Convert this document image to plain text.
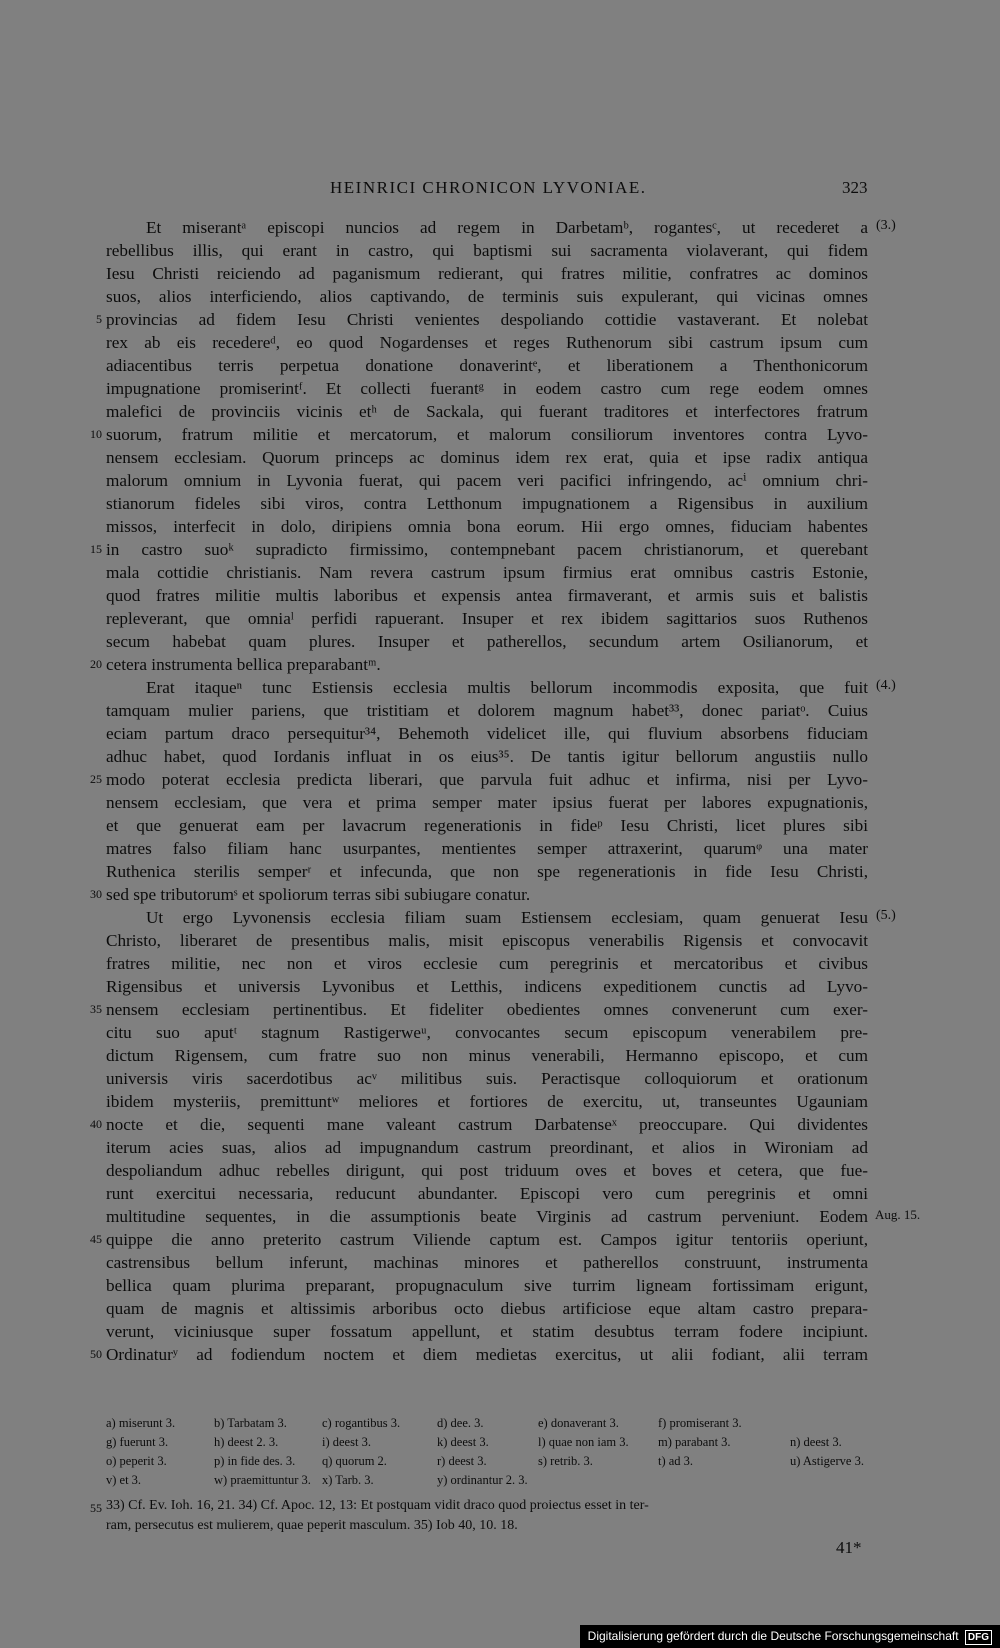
HEINRICI CHRONICON LYVONIAE.	323
Et miserantᵃ episcopi nuncios ad regem in Darbetamᵇ, rogantesᶜ, ut recederet a (3.)
rebellibus illis, qui erant in castro, qui baptismi sui sacramenta violaverant, qui fidem
Iesu Christi reiciendo ad paganismum redierant, qui fratres militie, confratres ac dominos
suos, alios interficiendo, alios captivando, de terminis suis expulerant, qui vicinas omnes
5 provincias ad fidem Iesu Christi venientes despoliando cottidie vastaverant. Et nolebat
rex ab eis recedereᵈ, eo quod Nogardenses et reges Ruthenorum sibi castrum ipsum cum
adiacentibus terris perpetua donatione donaverintᵉ, et liberationem a Thenthonicorum
impugnatione promiserintᶠ. Et collecti fuerantᵍ in eodem castro cum rege eodem omnes
malefici de provinciis vicinis etʰ de Sackala, qui fuerant traditores et interfectores fratrum
10 suorum, fratrum militie et mercatorum, et malorum consiliorum inventores contra Lyvo-
nensem ecclesiam. Quorum princeps ac dominus idem rex erat, quia et ipse radix antiqua
malorum omnium in Lyvonia fuerat, qui pacem veri pacifici infringendo, acⁱ omnium chri-
stianorum fideles sibi viros, contra Letthonum impugnationem a Rigensibus in auxilium
missos, interfecit in dolo, diripiens omnia bona eorum. Hii ergo omnes, fiduciam habentes
15 in castro suoᵏ supradicto firmissimo, contempnebant pacem christianorum, et querebant
mala cottidie christianis. Nam revera castrum ipsum firmius erat omnibus castris Estonie,
quod fratres militie multis laboribus et expensis antea firmaverant, et armis suis et balistis
repleverant, que omniaˡ perfidi rapuerant. Insuper et rex ibidem sagittarios suos Ruthenos
secum habebat quam plures. Insuper et patherellos, secundum artem Osilianorum, et
20 cetera instrumenta bellica preparabantᵐ.
Erat itaqueⁿ tunc Estiensis ecclesia multis bellorum incommodis exposita, que fuit (4.)
tamquam mulier pariens, que tristitiam et dolorem magnum habet³³, donec pariatᵒ. Cuius
eciam partum draco persequitur³⁴, Behemoth videlicet ille, qui fluvium absorbens fiduciam
adhuc habet, quod Iordanis influat in os eius³⁵. De tantis igitur bellorum angustiis nullo
25 modo poterat ecclesia predicta liberari, que parvula fuit adhuc et infirma, nisi per Lyvo-
nensem ecclesiam, que vera et prima semper mater ipsius fuerat per labores expugnationis,
et que genuerat eam per lavacrum regenerationis in fideᵖ Iesu Christi, licet plures sibi
matres falso filiam hanc usurpantes, mentientes semper attraxerint, quarumᵠ una mater
Ruthenica sterilis semperʳ et infecunda, que non spe regenerationis in fide Iesu Christi,
30 sed spe tributorumˢ et spoliorum terras sibi subiugare conatur.
Ut ergo Lyvonensis ecclesia filiam suam Estiensem ecclesiam, quam genuerat Iesu (5.)
Christo, liberaret de presentibus malis, misit episcopus venerabilis Rigensis et convocavit
fratres militie, nec non et viros ecclesie cum peregrinis et mercatoribus et civibus
Rigensibus et universis Lyvonibus et Letthis, indicens expeditionem cunctis ad Lyvo-
35 nensem ecclesiam pertinentibus. Et fideliter obedientes omnes convenerunt cum exer-
citu suo aputᵗ stagnum Rastigerweᵘ, convocantes secum episcopum venerabilem pre-
dictum Rigensem, cum fratre suo non minus venerabili, Hermanno episcopo, et cum
universis viris sacerdotibus acᵛ militibus suis. Peractisque colloquiorum et orationum
ibidem mysteriis, premittuntʷ meliores et fortiores de exercitu, ut, transeuntes Ugauniam
40 nocte et die, sequenti mane valeant castrum Darbatenseˣ preoccupare. Qui dividentes
iterum acies suas, alios ad impugnandum castrum preordinant, et alios in Wironiam ad
despoliandum adhuc rebelles dirigunt, qui post triduum oves et boves et cetera, que fue-
runt exercitui necessaria, reducunt abundanter. Episcopi vero cum peregrinis et omni
multitudine sequentes, in die assumptionis beate Virginis ad castrum perveniunt. Eodem Aug. 15.
45 quippe die anno preterito castrum Viliende captum est. Campos igitur tentoriis operiunt,
castrensibus bellum inferunt, machinas minores et patherellos construunt, instrumenta
bellica quam plurima preparant, propugnaculum sive turrim ligneam fortissimam erigunt,
quam de magnis et altissimis arboribus octo diebus artificiose eque altam castro prepara-
verunt, viciniusque super fossatum appellunt, et statim desubtus terram fodere incipiunt.
50 Ordinaturʸ ad fodiendum noctem et diem medietas exercitus, ut alii fodiant, alii terram
a) miserunt 3.	b) Tarbatam 3.	c) rogantibus 3.	d) dee. 3.	e) donaverant 3.	f) promiserant 3.
g) fuerunt 3.	h) deest 2. 3.	i) deest 3.	k) deest 3.	l) quae non iam 3. m) parabant 3.	n) deest 3.
o) peperit 3.	p) in fide des. 3. q) quorum 2.	r) deest 3.	s) retrib. 3.	t) ad 3.	u) Astigerve 3.
v) et 3.	w) praemittuntur 3. x) Tarb. 3.	y) ordinantur 2. 3.
55 33) Cf. Ev. Ioh. 16, 21. 34) Cf. Apoc. 12, 13: Et postquam vidit draco quod proiectus esset in ter-
ram, persecutus est mulierem, quae peperit masculum. 35) Iob 40, 10. 18.
41*
Digitalisierung gefördert durch die Deutsche Forschungsgemeinschaft DFG
